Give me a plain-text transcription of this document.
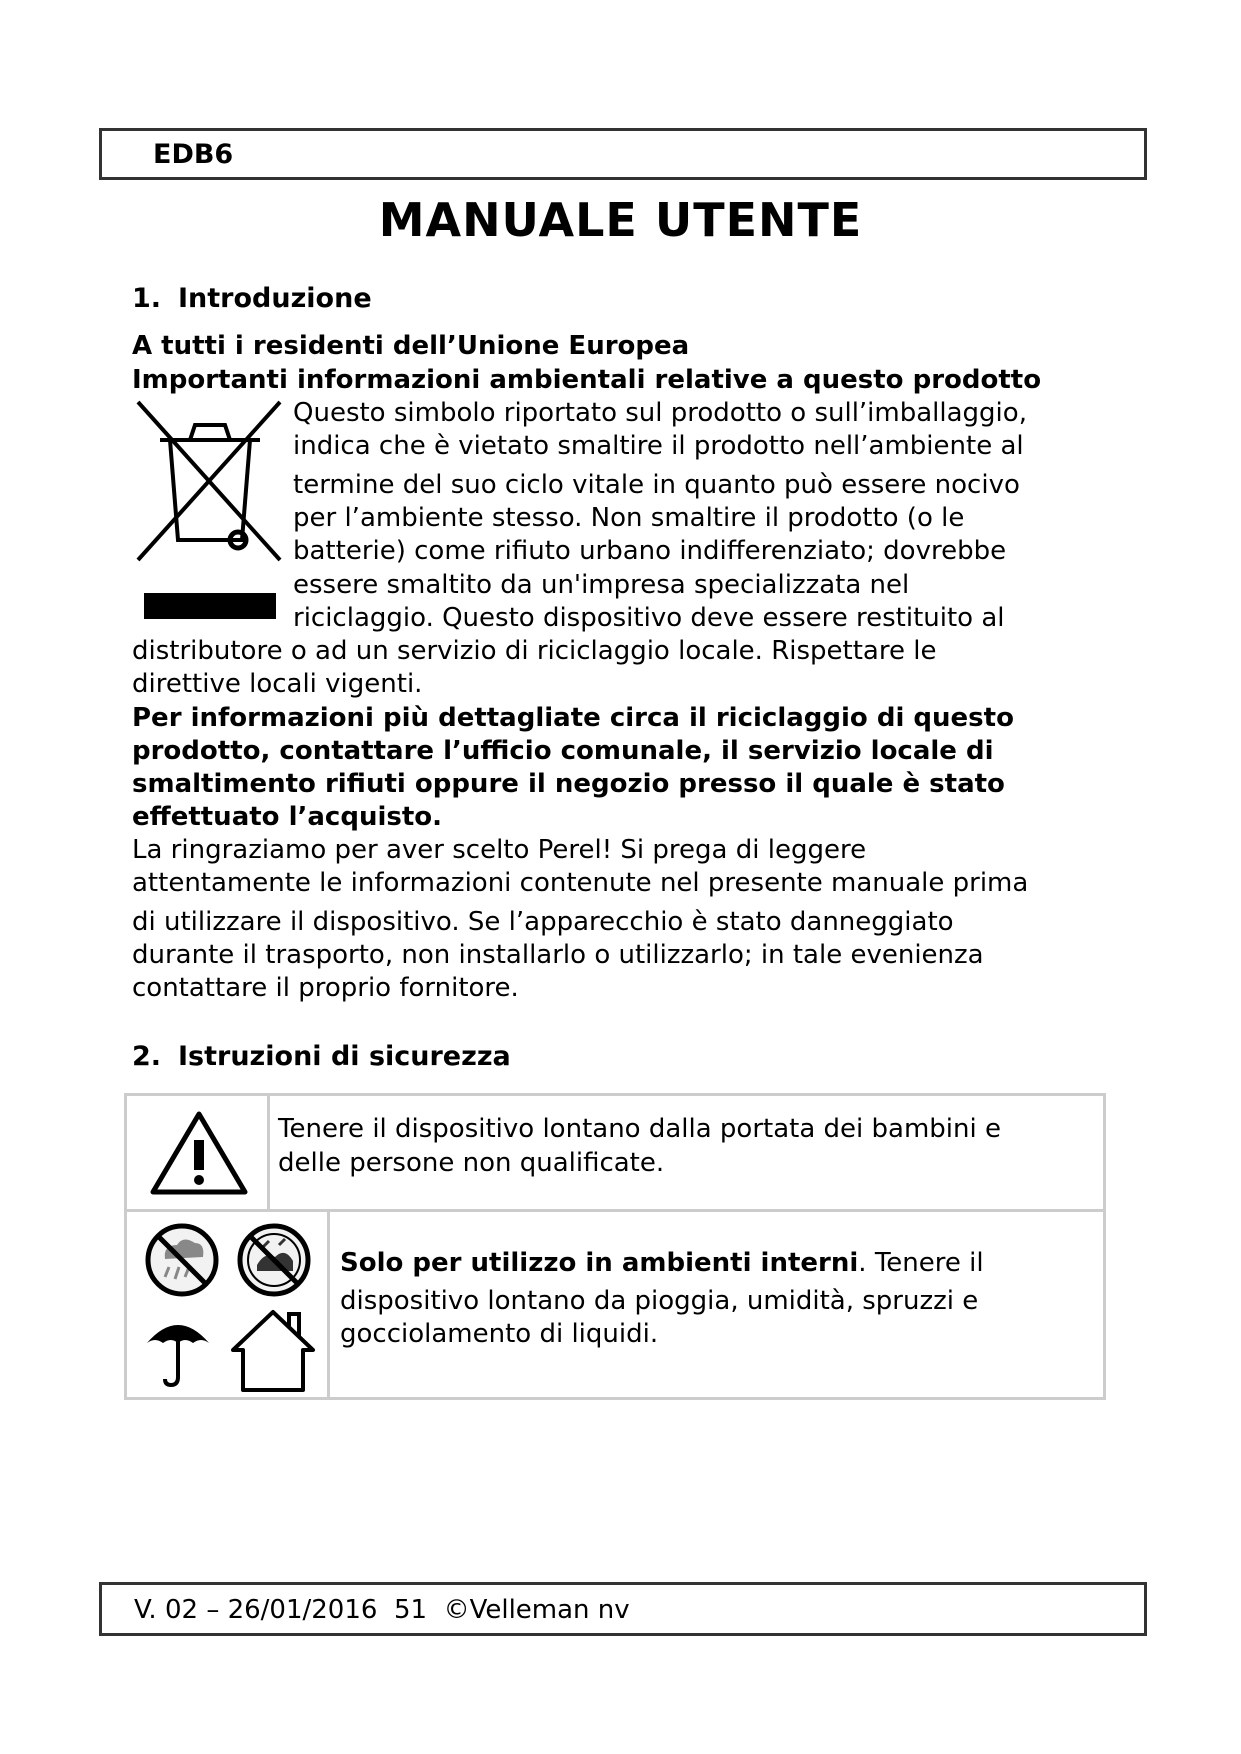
EDB6
MANUALE UTENTE
1. Introduzione
A tutti i residenti dell’Unione Europea
Importanti informazioni ambientali relative a questo prodotto
Questo simbolo riportato sul prodotto o sull’imballaggio,
indica che è vietato smaltire il prodotto nell’ambiente al
termine del suo ciclo vitale in quanto può essere nocivo
per l’ambiente stesso. Non smaltire il prodotto (o le
batterie) come rifiuto urbano indifferenziato; dovrebbe
essere smaltito da un'impresa specializzata nel
riciclaggio. Questo dispositivo deve essere restituito al
distributore o ad un servizio di riciclaggio locale. Rispettare le
direttive locali vigenti.
Per informazioni più dettagliate circa il riciclaggio di questo
prodotto, contattare l’ufficio comunale, il servizio locale di
smaltimento rifiuti oppure il negozio presso il quale è stato
effettuato l’acquisto.
La ringraziamo per aver scelto Perel! Si prega di leggere
attentamente le informazioni contenute nel presente manuale prima
di utilizzare il dispositivo. Se l’apparecchio è stato danneggiato
durante il trasporto, non installarlo o utilizzarlo; in tale evenienza
contattare il proprio fornitore.
2. Istruzioni di sicurezza
Tenere il dispositivo lontano dalla portata dei bambini e
delle persone non qualificate.
Solo per utilizzo in ambienti interni. Tenere il
dispositivo lontano da pioggia, umidità, spruzzi e
gocciolamento di liquidi.
V. 02 – 26/01/2016  51  ©Velleman nv
